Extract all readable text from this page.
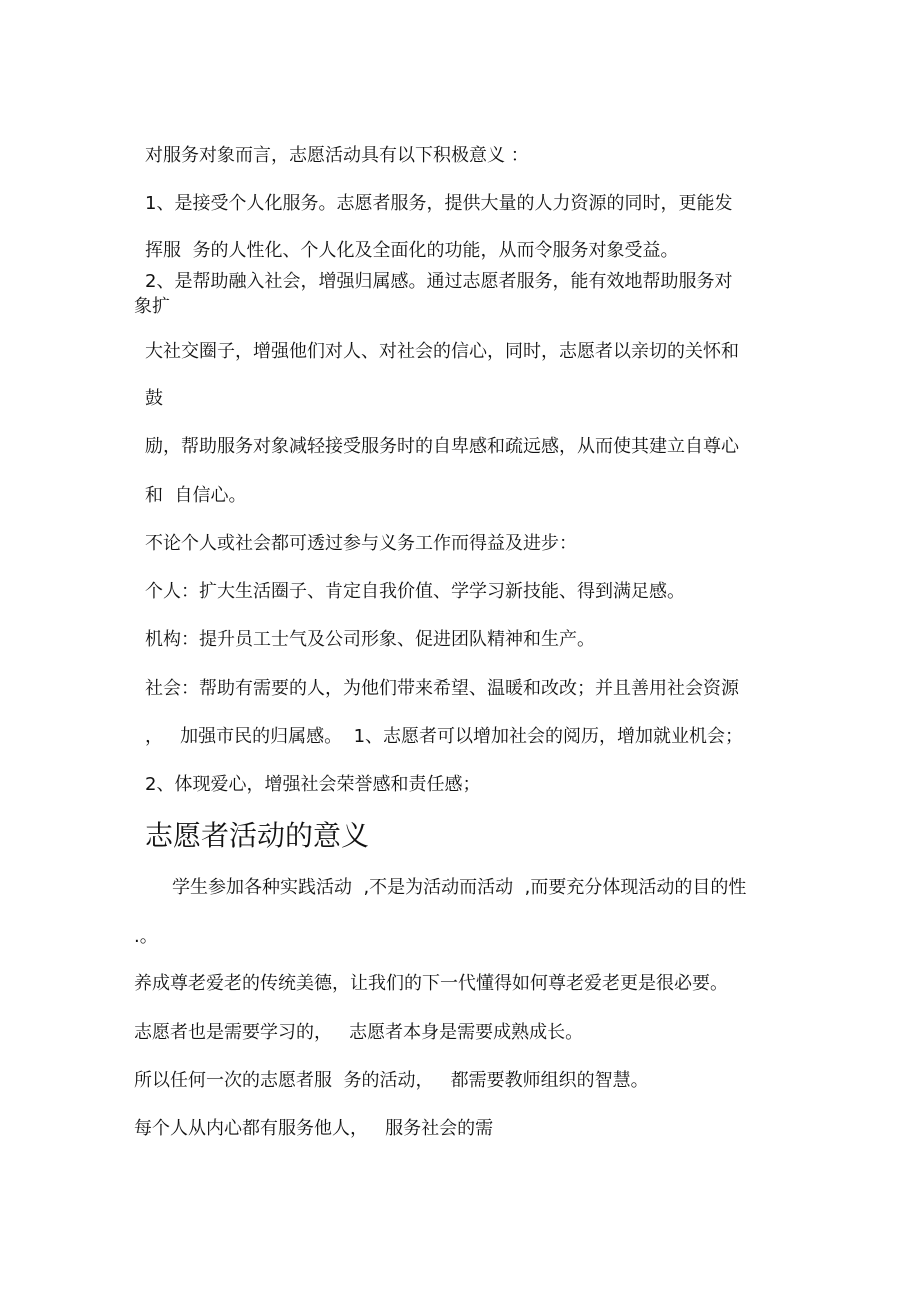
对服务对象而言，志愿活动具有以下积极意义 ：
1、是接受个人化服务。志愿者服务，提供大量的人力资源的同时，更能发
挥服  务的人性化、个人化及全面化的功能，从而令服务对象受益。
2、是帮助融入社会，增强归属感。通过志愿者服务，能有效地帮助服务对
象扩
大社交圈子，增强他们对人、对社会的信心，同时，志愿者以亲切的关怀和
鼓
励，帮助服务对象减轻接受服务时的自卑感和疏远感，从而使其建立自尊心
和  自信心。
不论个人或社会都可透过参与义务工作而得益及进步：
个人：扩大生活圈子、肯定自我价值、学学习新技能、得到满足感。
机构：提升员工士气及公司形象、促进团队精神和生产。
社会：帮助有需要的人，为他们带来希望、温暖和改改；并且善用社会资源
，   加强市民的归属感。  1、志愿者可以增加社会的阅历，增加就业机会；
2、体现爱心，增强社会荣誉感和责任感；
志愿者活动的意义
学生参加各种实践活动  ,不是为活动而活动  ,而要充分体现活动的目的性
.。
养成尊老爱老的传统美德，让我们的下一代懂得如何尊老爱老更是很必要。
志愿者也是需要学习的，   志愿者本身是需要成熟成长。
所以任何一次的志愿者服  务的活动，   都需要教师组织的智慧。
每个人从内心都有服务他人，   服务社会的需
